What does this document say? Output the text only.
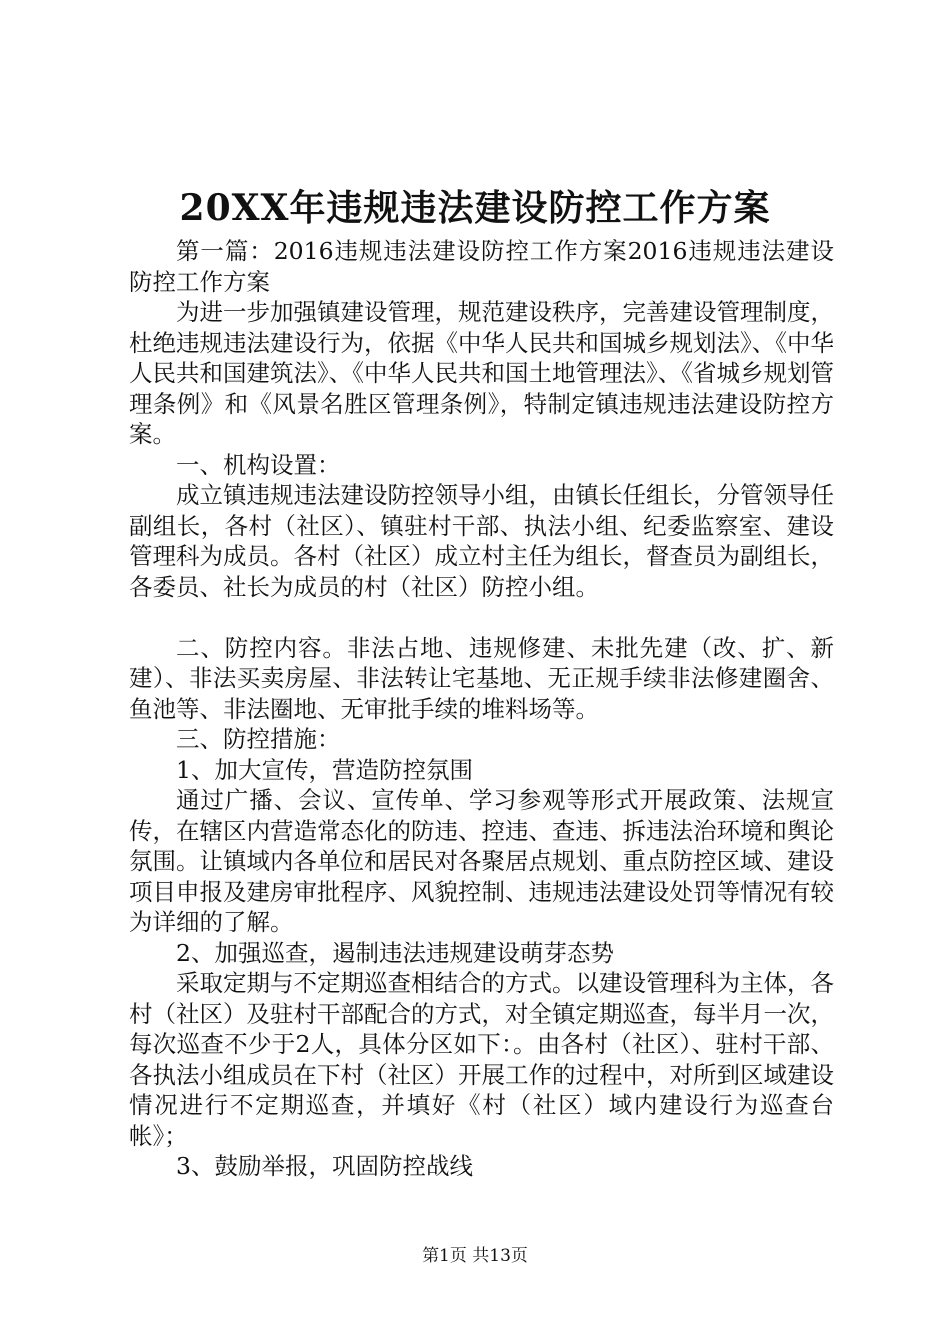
20XX年违规违法建设防控工作方案

第一篇：2016违规违法建设防控工作方案2016违规违法建设防控工作方案

为进一步加强镇建设管理，规范建设秩序，完善建设管理制度，杜绝违规违法建设行为，依据《中华人民共和国城乡规划法》、《中华人民共和国建筑法》、《中华人民共和国土地管理法》、《省城乡规划管理条例》和《风景名胜区管理条例》，特制定镇违规违法建设防控方案。

一、机构设置：

成立镇违规违法建设防控领导小组，由镇长任组长，分管领导任副组长，各村（社区）、镇驻村干部、执法小组、纪委监察室、建设管理科为成员。各村（社区）成立村主任为组长，督查员为副组长，各委员、社长为成员的村（社区）防控小组。

二、防控内容。非法占地、违规修建、未批先建（改、扩、新建）、非法买卖房屋、非法转让宅基地、无正规手续非法修建圈舍、鱼池等、非法圈地、无审批手续的堆料场等。

三、防控措施：

1、加大宣传，营造防控氛围

通过广播、会议、宣传单、学习参观等形式开展政策、法规宣传，在辖区内营造常态化的防违、控违、查违、拆违法治环境和舆论氛围。让镇域内各单位和居民对各聚居点规划、重点防控区域、建设项目申报及建房审批程序、风貌控制、违规违法建设处罚等情况有较为详细的了解。

2、加强巡查，遏制违法违规建设萌芽态势

采取定期与不定期巡查相结合的方式。以建设管理科为主体，各村（社区）及驻村干部配合的方式，对全镇定期巡查，每半月一次，每次巡查不少于2人，具体分区如下：。由各村（社区）、驻村干部、各执法小组成员在下村（社区）开展工作的过程中，对所到区域建设情况进行不定期巡查，并填好《村（社区）域内建设行为巡查台帐》；

3、鼓励举报，巩固防控战线

第1页 共13页
